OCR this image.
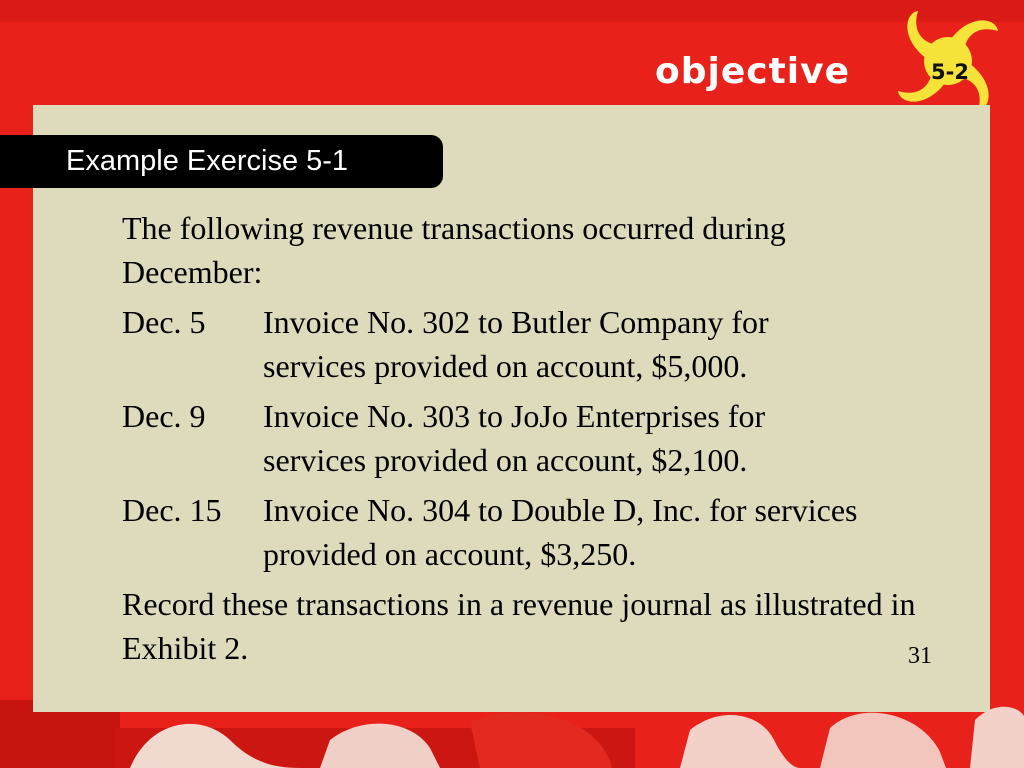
objective	5-2
Example Exercise 5-1

The following revenue transactions occurred during December:

Dec. 5	Invoice No. 302 to Butler Company for services provided on account, $5,000.
Dec. 9	Invoice No. 303 to JoJo Enterprises for services provided on account, $2,100.
Dec. 15	Invoice No. 304 to Double D, Inc. for services provided on account, $3,250.

Record these transactions in a revenue journal as illustrated in Exhibit 2.	31
